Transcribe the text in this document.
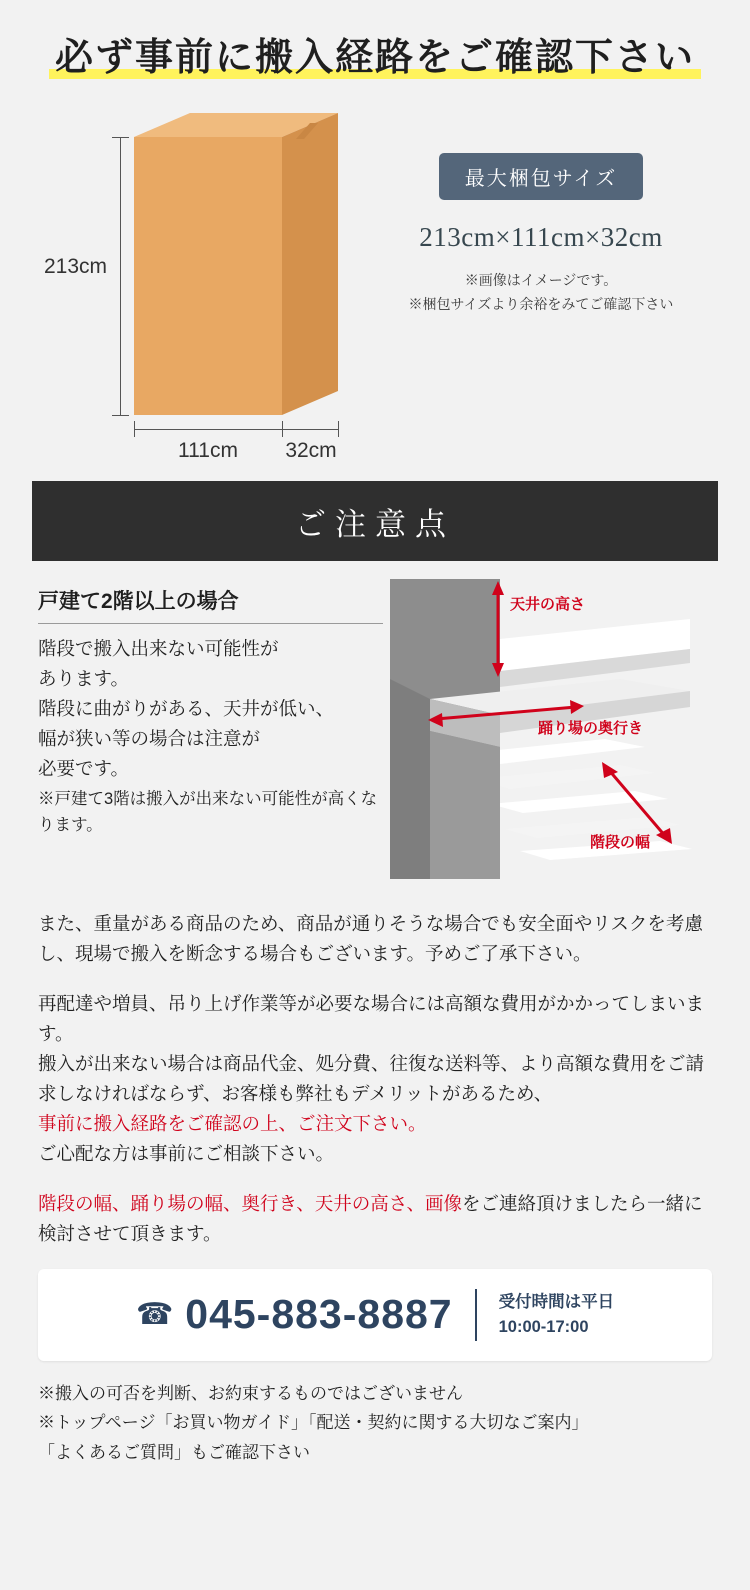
必ず事前に搬入経路をご確認下さい
213cm
111cm	32cm
最大梱包サイズ
213cm×111cm×32cm
※画像はイメージです。
※梱包サイズより余裕をみてご確認下さい
ご注意点
戸建て2階以上の場合
階段で搬入出来ない可能性が
あります。
階段に曲がりがある、天井が低い、
幅が狭い等の場合は注意が
必要です。
※戸建て3階は搬入が出来ない可能性が高くなります。
天井の高さ
踊り場の奥行き
階段の幅

また、重量がある商品のため、商品が通りそうな場合でも安全面やリスクを考慮し、現場で搬入を断念する場合もございます。予めご了承下さい。

再配達や増員、吊り上げ作業等が必要な場合には高額な費用がかかってしまいます。
搬入が出来ない場合は商品代金、処分費、往復な送料等、より高額な費用をご請求しなければならず、お客様も弊社もデメリットがあるため、
事前に搬入経路をご確認の上、ご注文下さい。
ご心配な方は事前にご相談下さい。

階段の幅、踊り場の幅、奥行き、天井の高さ、画像をご連絡頂けましたら一緒に検討させて頂きます。

☎ 045-883-8887	受付時間は平日
10:00-17:00
※搬入の可否を判断、お約束するものではございません
※トップページ「お買い物ガイド」「配送・契約に関する大切なご案内」
「よくあるご質問」もご確認下さい
